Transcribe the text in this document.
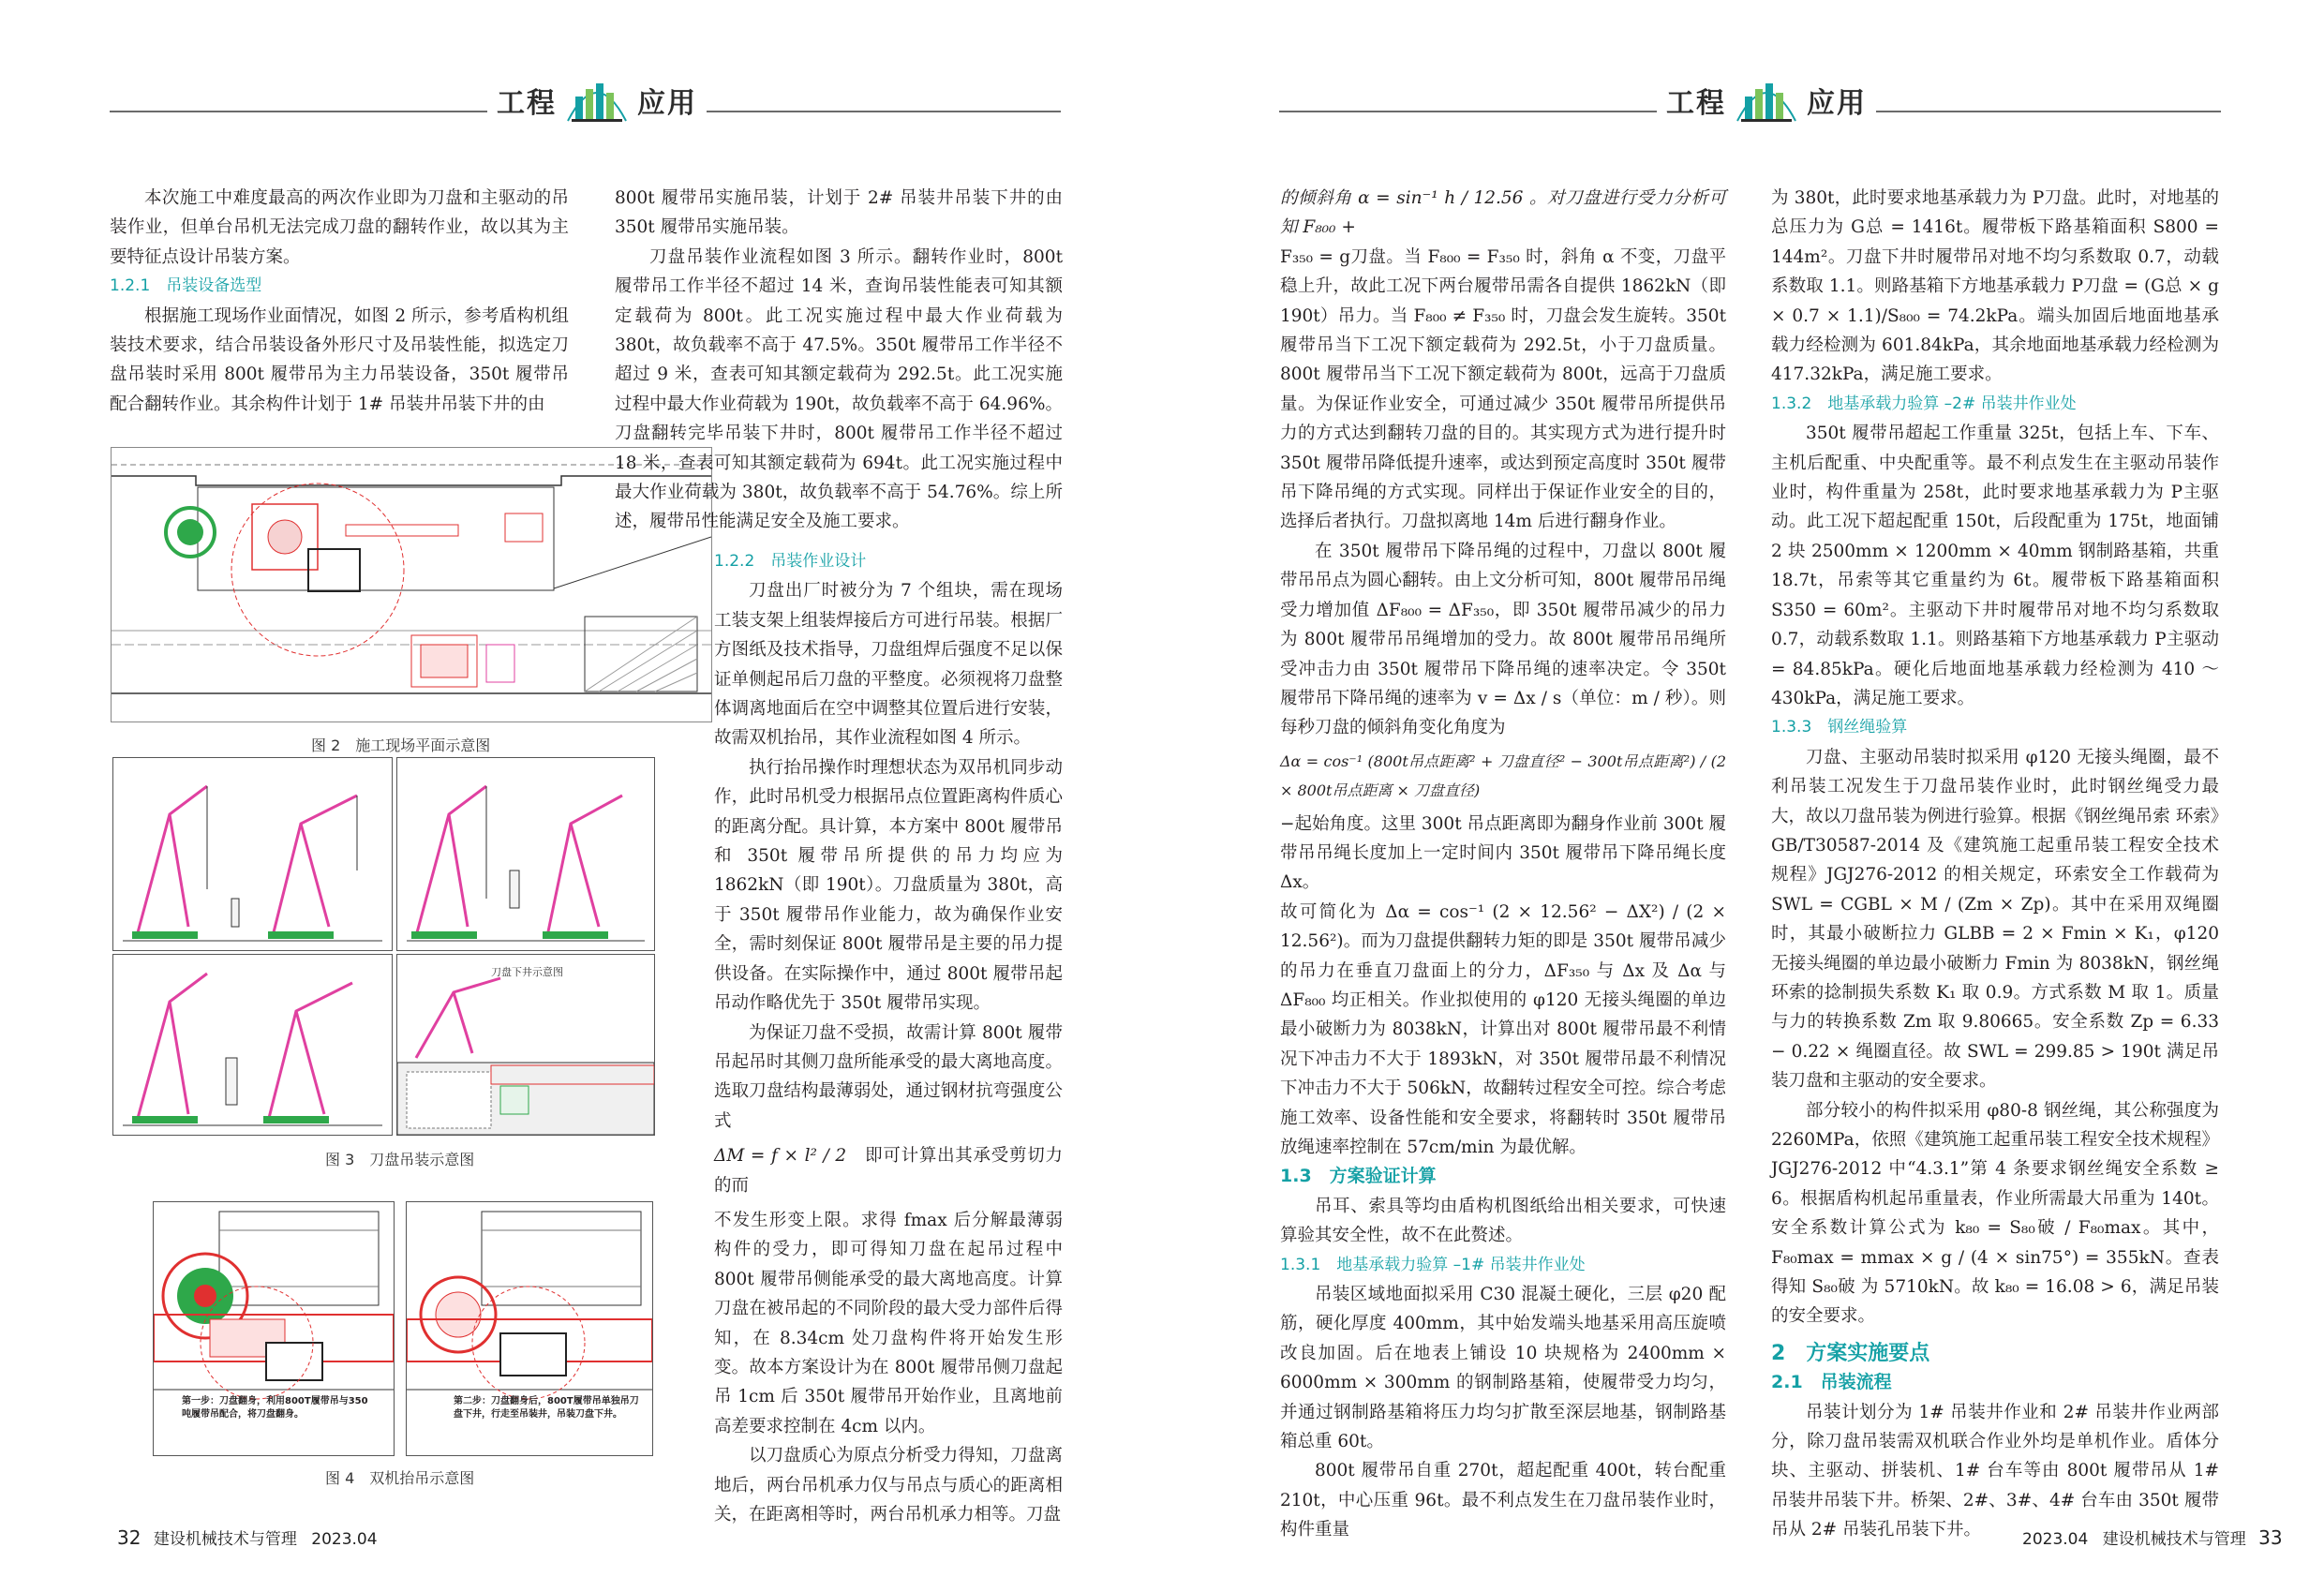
工程	应用	工程	应用

本次施工中难度最高的两次作业即为刀盘和主驱动的吊装作业，但单台吊机无法完成刀盘的翻转作业，故以其为主要特征点设计吊装方案。

1.2.1　吊装设备选型

根据施工现场作业面情况，如图 2 所示，参考盾构机组装技术要求，结合吊装设备外形尺寸及吊装性能，拟选定刀盘吊装时采用 800t 履带吊为主力吊装设备，350t 履带吊配合翻转作业。其余构件计划于 1# 吊装井吊装下井的由

图 2　施工现场平面示意图
刀盘下井示意图
图 3　刀盘吊装示意图
第一步：刀盘翻身，利用800T履带吊与350吨履带吊配合，将刀盘翻身。
第二步：刀盘翻身后，800T履带吊单独吊刀盘下井，行走至吊装井，吊装刀盘下井。
图 4　双机抬吊示意图

800t 履带吊实施吊装，计划于 2# 吊装井吊装下井的由 350t 履带吊实施吊装。

刀盘吊装作业流程如图 3 所示。翻转作业时，800t 履带吊工作半径不超过 14 米，查询吊装性能表可知其额定载荷为 800t。此工况实施过程中最大作业荷载为 380t，故负载率不高于 47.5%。350t 履带吊工作半径不超过 9 米，查表可知其额定载荷为 292.5t。此工况实施过程中最大作业荷载为 190t，故负载率不高于 64.96%。刀盘翻转完毕吊装下井时，800t 履带吊工作半径不超过 18 米，查表可知其额定载荷为 694t。此工况实施过程中最大作业荷载为 380t，故负载率不高于 54.76%。综上所述，履带吊性能满足安全及施工要求。

1.2.2　吊装作业设计

刀盘出厂时被分为 7 个组块，需在现场工装支架上组装焊接后方可进行吊装。根据厂方图纸及技术指导，刀盘组焊后强度不足以保证单侧起吊后刀盘的平整度。必须视将刀盘整体调离地面后在空中调整其位置后进行安装，故需双机抬吊，其作业流程如图 4 所示。

执行抬吊操作时理想状态为双吊机同步动作，此时吊机受力根据吊点位置距离构件质心的距离分配。具计算，本方案中 800t 履带吊和 350t 履带吊所提供的吊力均应为 1862kN（即 190t）。刀盘质量为 380t，高于 350t 履带吊作业能力，故为确保作业安全，需时刻保证 800t 履带吊是主要的吊力提供设备。在实际操作中，通过 800t 履带吊起吊动作略优先于 350t 履带吊实现。

为保证刀盘不受损，故需计算 800t 履带吊起吊时其侧刀盘所能承受的最大离地高度。选取刀盘结构最薄弱处，通过钢材抗弯强度公式

ΔM = f × l² / 2　 即可计算出其承受剪切力的而

不发生形变上限。求得 fmax 后分解最薄弱构件的受力，即可得知刀盘在起吊过程中 800t 履带吊侧能承受的最大离地高度。计算刀盘在被吊起的不同阶段的最大受力部件后得知，在 8.34cm 处刀盘构件将开始发生形变。故本方案设计为在 800t 履带吊侧刀盘起吊 1cm 后 350t 履带吊开始作业，且离地前高差要求控制在 4cm 以内。

以刀盘质心为原点分析受力得知，刀盘离地后，两台吊机承力仅与吊点与质心的距离相关，在距离相等时，两台吊机承力相等。刀盘

32 建设机械技术与管理 2023.04

的倾斜角 α = sin⁻¹ h / 12.56 。对刀盘进行受力分析可知 F₈₀₀ +

F₃₅₀ = g刀盘。当 F₈₀₀ = F₃₅₀ 时，斜角 α 不变，刀盘平稳上升，故此工况下两台履带吊需各自提供 1862kN（即 190t）吊力。当 F₈₀₀ ≠ F₃₅₀ 时，刀盘会发生旋转。350t 履带吊当下工况下额定载荷为 292.5t，小于刀盘质量。800t 履带吊当下工况下额定载荷为 800t，远高于刀盘质量。为保证作业安全，可通过减少 350t 履带吊所提供吊力的方式达到翻转刀盘的目的。其实现方式为进行提升时 350t 履带吊降低提升速率，或达到预定高度时 350t 履带吊下降吊绳的方式实现。同样出于保证作业安全的目的，选择后者执行。刀盘拟离地 14m 后进行翻身作业。

在 350t 履带吊下降吊绳的过程中，刀盘以 800t 履带吊吊点为圆心翻转。由上文分析可知，800t 履带吊吊绳受力增加值 ΔF₈₀₀ = ΔF₃₅₀，即 350t 履带吊减少的吊力为 800t 履带吊吊绳增加的受力。故 800t 履带吊吊绳所受冲击力由 350t 履带吊下降吊绳的速率决定。令 350t 履带吊下降吊绳的速率为 v = Δx / s（单位：m / 秒）。则每秒刀盘的倾斜角变化角度为

Δα = cos⁻¹ (800t吊点距离² + 刀盘直径² − 300t吊点距离²) / (2 × 800t吊点距离 × 刀盘直径)

−起始角度。这里 300t 吊点距离即为翻身作业前 300t 履带吊吊绳长度加上一定时间内 350t 履带吊下降吊绳长度 Δx。

故可简化为 Δα = cos⁻¹ (2 × 12.56² − ΔX²) / (2 × 12.56²)。而为刀盘提供翻转力矩的即是 350t 履带吊减少的吊力在垂直刀盘面上的分力，ΔF₃₅₀ 与 Δx 及 Δα 与 ΔF₈₀₀ 均正相关。作业拟使用的 φ120 无接头绳圈的单边最小破断力为 8038kN，计算出对 800t 履带吊最不利情况下冲击力不大于 1893kN，对 350t 履带吊最不利情况下冲击力不大于 506kN，故翻转过程安全可控。综合考虑施工效率、设备性能和安全要求，将翻转时 350t 履带吊放绳速率控制在 57cm/min 为最优解。

1.3　方案验证计算

吊耳、索具等均由盾构机图纸给出相关要求，可快速算验其安全性，故不在此赘述。

1.3.1　地基承载力验算 –1# 吊装井作业处

吊装区域地面拟采用 C30 混凝土硬化，三层 φ20 配筋，硬化厚度 400mm，其中始发端头地基采用高压旋喷改良加固。后在地表上铺设 10 块规格为 2400mm × 6000mm × 300mm 的钢制路基箱，使履带受力均匀，并通过钢制路基箱将压力均匀扩散至深层地基，钢制路基箱总重 60t。

800t 履带吊自重 270t，超起配重 400t，转台配重 210t，中心压重 96t。最不利点发生在刀盘吊装作业时，构件重量

为 380t，此时要求地基承载力为 P刀盘。此时，对地基的总压力为 G总 = 1416t。履带板下路基箱面积 S800 = 144m²。刀盘下井时履带吊对地不均匀系数取 0.7，动载系数取 1.1。则路基箱下方地基承载力 P刀盘 = (G总 × g × 0.7 × 1.1)/S₈₀₀ = 74.2kPa。端头加固后地面地基承载力经检测为 601.84kPa，其余地面地基承载力经检测为 417.32kPa，满足施工要求。

1.3.2　地基承载力验算 –2# 吊装井作业处

350t 履带吊超起工作重量 325t，包括上车、下车、主机后配重、中央配重等。最不利点发生在主驱动吊装作业时，构件重量为 258t，此时要求地基承载力为 P主驱动。此工况下超起配重 150t，后段配重为 175t，地面铺 2 块 2500mm × 1200mm × 40mm 钢制路基箱，共重 18.7t，吊索等其它重量约为 6t。履带板下路基箱面积 S350 = 60m²。主驱动下井时履带吊对地不均匀系数取 0.7，动载系数取 1.1。则路基箱下方地基承载力 P主驱动 = 84.85kPa。硬化后地面地基承载力经检测为 410 ～ 430kPa，满足施工要求。

1.3.3　钢丝绳验算

刀盘、主驱动吊装时拟采用 φ120 无接头绳圈，最不利吊装工况发生于刀盘吊装作业时，此时钢丝绳受力最大，故以刀盘吊装为例进行验算。根据《钢丝绳吊索 环索》GB/T30587-2014 及《建筑施工起重吊装工程安全技术规程》JGJ276-2012 的相关规定，环索安全工作载荷为 SWL = CGBL × M / (Zm × Zp)。其中在采用双绳圈时，其最小破断拉力 GLBB = 2 × Fmin × K₁，φ120 无接头绳圈的单边最小破断力 Fmin 为 8038kN，钢丝绳环索的捻制损失系数 K₁ 取 0.9。方式系数 M 取 1。质量与力的转换系数 Zm 取 9.80665。安全系数 Zp = 6.33 − 0.22 × 绳圈直径。故 SWL = 299.85 > 190t 满足吊装刀盘和主驱动的安全要求。

部分较小的构件拟采用 φ80-8 钢丝绳，其公称强度为 2260MPa，依照《建筑施工起重吊装工程安全技术规程》JGJ276-2012 中“4.3.1”第 4 条要求钢丝绳安全系数 ≥ 6。根据盾构机起吊重量表，作业所需最大吊重为 140t。安全系数计算公式为 k₈₀ = S₈₀破 / F₈₀max。其中，F₈₀max = mmax × g / (4 × sin75°) = 355kN。查表得知 S₈₀破 为 5710kN。故 k₈₀ = 16.08 > 6，满足吊装的安全要求。

2　方案实施要点

2.1　吊装流程

吊装计划分为 1# 吊装井作业和 2# 吊装井作业两部分，除刀盘吊装需双机联合作业外均是单机作业。盾体分块、主驱动、拼装机、1# 台车等由 800t 履带吊从 1# 吊装井吊装下井。桥架、2#、3#、4# 台车由 350t 履带吊从 2# 吊装孔吊装下井。	2023.04 建设机械技术与管理 33
